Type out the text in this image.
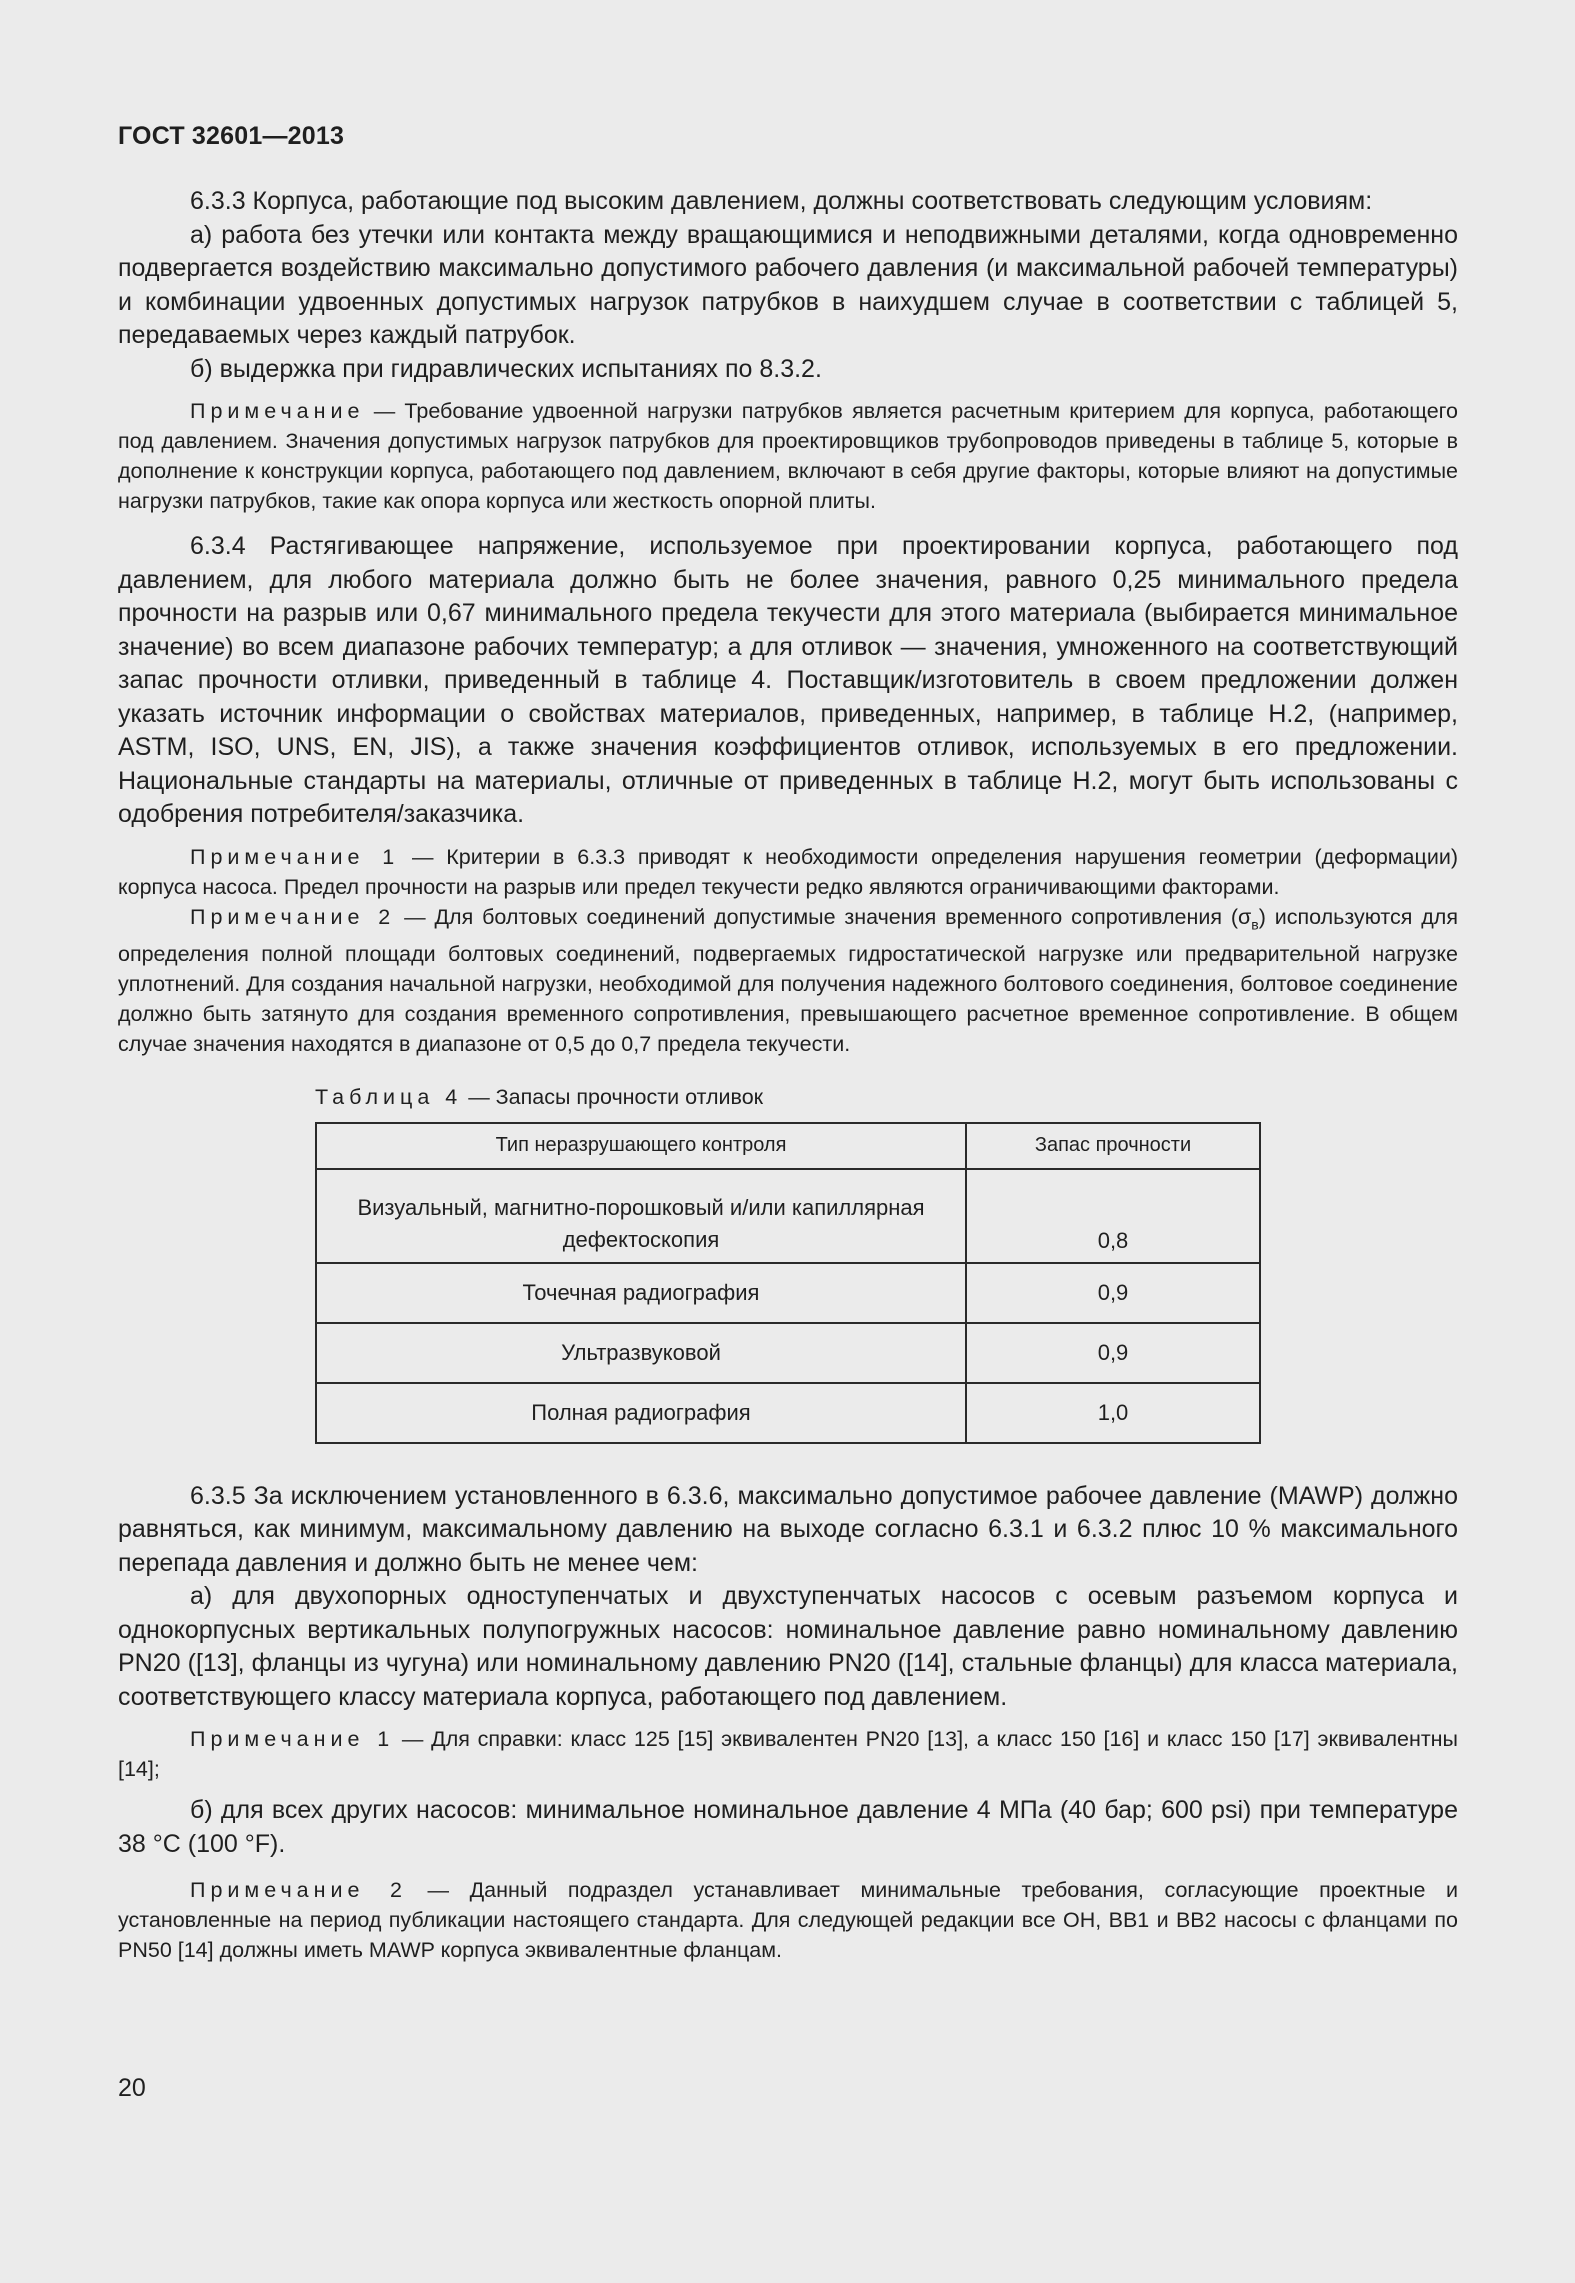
ГОСТ 32601—2013

6.3.3 Корпуса, работающие под высоким давлением, должны соответствовать следующим условиям:

а) работа без утечки или контакта между вращающимися и неподвижными деталями, когда одновременно подвергается воздействию максимально допустимого рабочего давления (и максимальной рабочей температуры) и комбинации удвоенных допустимых нагрузок патрубков в наихудшем случае в соответствии с таблицей 5, передаваемых через каждый патрубок.

б) выдержка при гидравлических испытаниях по 8.3.2.

Примечание — Требование удвоенной нагрузки патрубков является расчетным критерием для корпуса, работающего под давлением. Значения допустимых нагрузок патрубков для проектировщиков трубопроводов приведены в таблице 5, которые в дополнение к конструкции корпуса, работающего под давлением, включают в себя другие факторы, которые влияют на допустимые нагрузки патрубков, такие как опора корпуса или жесткость опорной плиты.

6.3.4 Растягивающее напряжение, используемое при проектировании корпуса, работающего под давлением, для любого материала должно быть не более значения, равного 0,25 минимального предела прочности на разрыв или 0,67 минимального предела текучести для этого материала (выбирается минимальное значение) во всем диапазоне рабочих температур; а для отливок — значения, умноженного на соответствующий запас прочности отливки, приведенный в таблице 4. Поставщик/изготовитель в своем предложении должен указать источник информации о свойствах материалов, приведенных, например, в таблице Н.2, (например, ASTM, ISO, UNS, EN, JIS), а также значения коэффициентов отливок, используемых в его предложении. Национальные стандарты на материалы, отличные от приведенных в таблице Н.2, могут быть использованы с одобрения потребителя/заказчика.

Примечание 1 — Критерии в 6.3.3 приводят к необходимости определения нарушения геометрии (деформации) корпуса насоса. Предел прочности на разрыв или предел текучести редко являются ограничивающими факторами.

Примечание 2 — Для болтовых соединений допустимые значения временного сопротивления $(\sigma_в)$ используются для определения полной площади болтовых соединений, подвергаемых гидростатической нагрузке или предварительной нагрузке уплотнений. Для создания начальной нагрузки, необходимой для получения надежного болтового соединения, болтовое соединение должно быть затянуто для создания временного сопротивления, превышающего расчетное временное сопротивление. В общем случае значения находятся в диапазоне от 0,5 до 0,7 предела текучести.

Таблица 4 — Запасы прочности отливок
Тип неразрушающего контроля	Запас прочности
Визуальный, магнитно-порошковый и/или капиллярная дефектоскопия	0,8
Точечная радиография	0,9
Ультразвуковой	0,9
Полная радиография	1,0

6.3.5 За исключением установленного в 6.3.6, максимально допустимое рабочее давление (MAWP) должно равняться, как минимум, максимальному давлению на выходе согласно 6.3.1 и 6.3.2 плюс 10 % максимального перепада давления и должно быть не менее чем:

а) для двухопорных одноступенчатых и двухступенчатых насосов с осевым разъемом корпуса и однокорпусных вертикальных полупогружных насосов: номинальное давление равно номинальному давлению PN20 ([13], фланцы из чугуна) или номинальному давлению PN20 ([14], стальные фланцы) для класса материала, соответствующего классу материала корпуса, работающего под давлением.

Примечание 1 — Для справки: класс 125 [15] эквивалентен PN20 [13], а класс 150 [16] и класс 150 [17] эквивалентны [14];

б) для всех других насосов: минимальное номинальное давление 4 МПа (40 бар; 600 psi) при температуре 38 °С (100 °F).

Примечание 2 — Данный подраздел устанавливает минимальные требования, согласующие проектные и установленные на период публикации настоящего стандарта. Для следующей редакции все ОН, ВВ1 и ВВ2 насосы с фланцами по PN50 [14] должны иметь MAWP корпуса эквивалентные фланцам.

20
